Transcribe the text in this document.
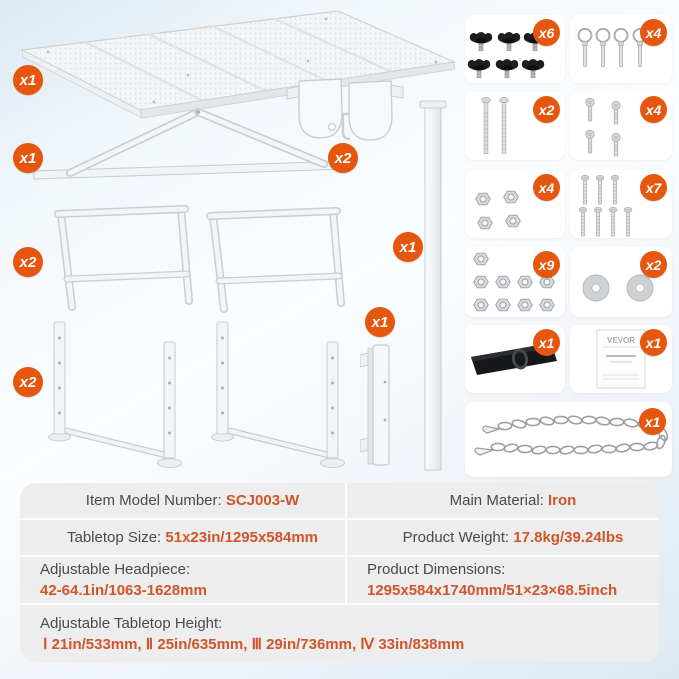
x1
x1	x2
x2
x1
x1
x2
x6	x4
x2	x4
x4	x7
x9	x2
x1	VEVOR x1
x1
Item Model Number: SCJ003-W	Main Material: Iron
Tabletop Size: 51x23in/1295x584mm	Product Weight: 17.8kg/39.24lbs
Adjustable Headpiece:
42-64.1in/1063-1628mm
Product Dimensions:
1295x584x1740mm/51×23×68.5inch
Adjustable Tabletop Height:
Ⅰ 21in/533mm, Ⅱ 25in/635mm, Ⅲ 29in/736mm, Ⅳ 33in/838mm
